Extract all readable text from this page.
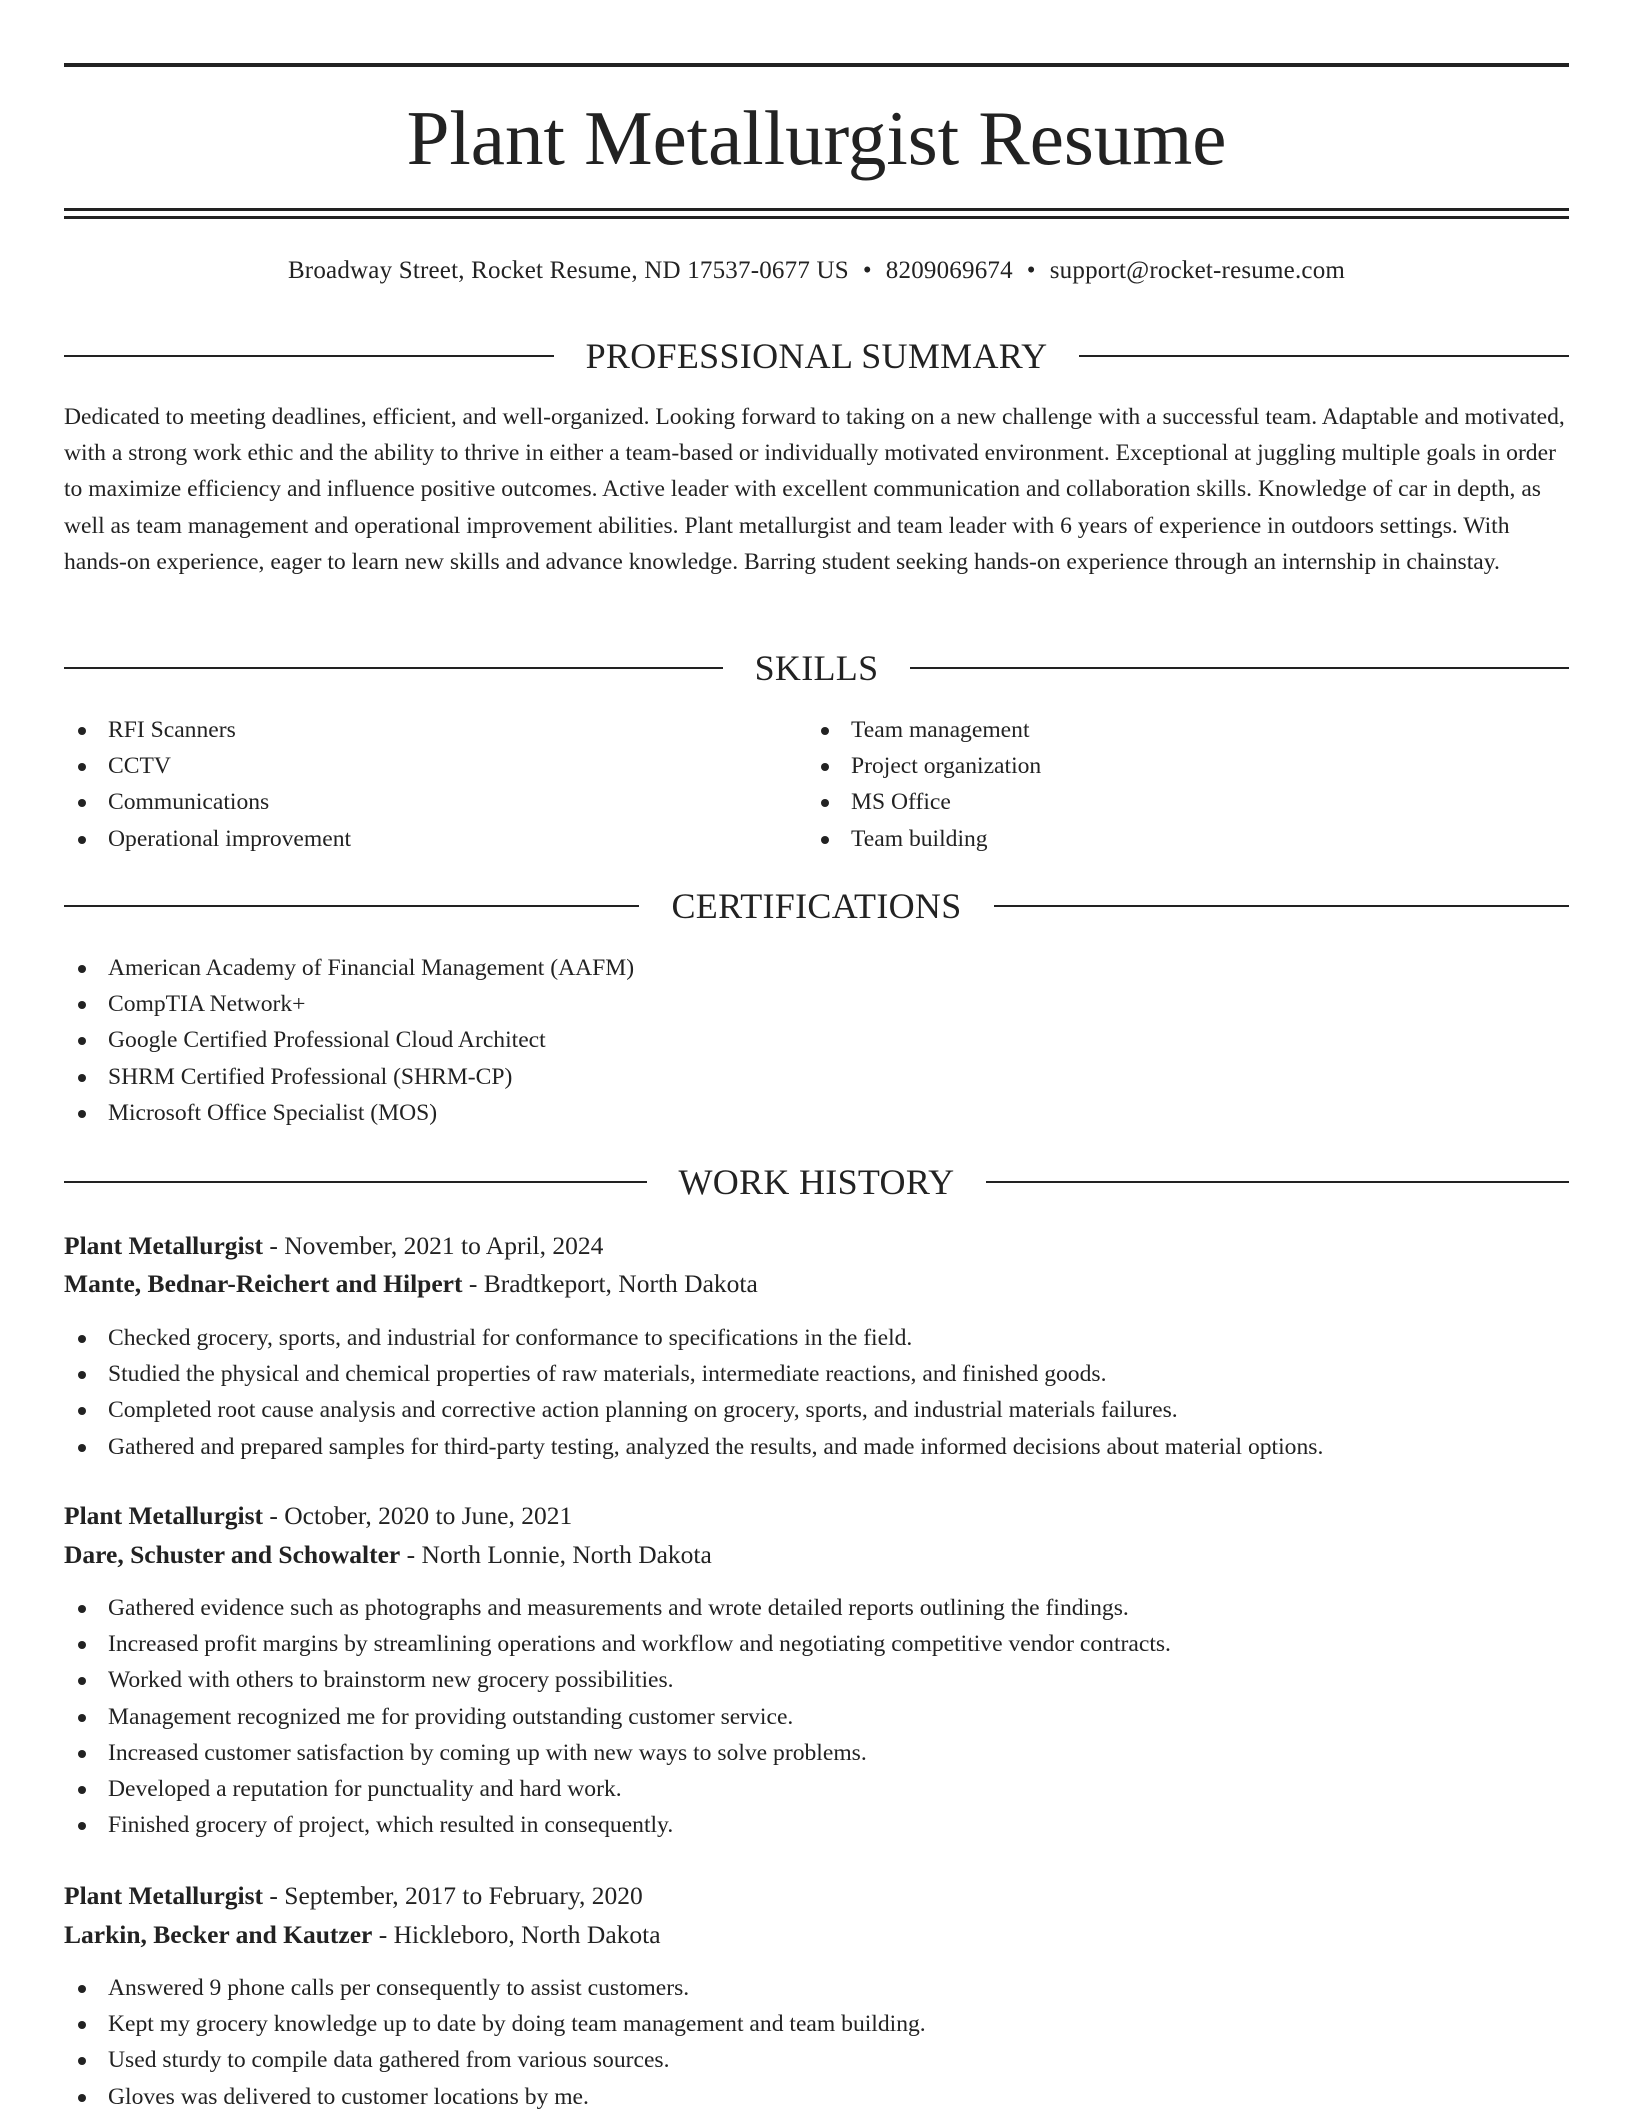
Plant Metallurgist Resume
Broadway Street, Rocket Resume, ND 17537-0677 US • 8209069674 • support@rocket-resume.com
PROFESSIONAL SUMMARY

Dedicated to meeting deadlines, efficient, and well-organized. Looking forward to taking on a new challenge with a successful team. Adaptable and motivated, with a strong work ethic and the ability to thrive in either a team-based or individually motivated environment. Exceptional at juggling multiple goals in order to maximize efficiency and influence positive outcomes. Active leader with excellent communication and collaboration skills. Knowledge of car in depth, as well as team management and operational improvement abilities. Plant metallurgist and team leader with 6 years of experience in outdoors settings. With hands-on experience, eager to learn new skills and advance knowledge. Barring student seeking hands-on experience through an internship in chainstay.

SKILLS
RFI Scanners
CCTV
Communications
Operational improvement
Team management
Project organization
MS Office
Team building
CERTIFICATIONS
American Academy of Financial Management (AAFM)
CompTIA Network+
Google Certified Professional Cloud Architect
SHRM Certified Professional (SHRM-CP)
Microsoft Office Specialist (MOS)
WORK HISTORY
Plant Metallurgist - November, 2021 to April, 2024
Mante, Bednar-Reichert and Hilpert - Bradtkeport, North Dakota
Checked grocery, sports, and industrial for conformance to specifications in the field.
Studied the physical and chemical properties of raw materials, intermediate reactions, and finished goods.
Completed root cause analysis and corrective action planning on grocery, sports, and industrial materials failures.
Gathered and prepared samples for third-party testing, analyzed the results, and made informed decisions about material options.
Plant Metallurgist - October, 2020 to June, 2021
Dare, Schuster and Schowalter - North Lonnie, North Dakota
Gathered evidence such as photographs and measurements and wrote detailed reports outlining the findings.
Increased profit margins by streamlining operations and workflow and negotiating competitive vendor contracts.
Worked with others to brainstorm new grocery possibilities.
Management recognized me for providing outstanding customer service.
Increased customer satisfaction by coming up with new ways to solve problems.
Developed a reputation for punctuality and hard work.
Finished grocery of project, which resulted in consequently.
Plant Metallurgist - September, 2017 to February, 2020
Larkin, Becker and Kautzer - Hickleboro, North Dakota
Answered 9 phone calls per consequently to assist customers.
Kept my grocery knowledge up to date by doing team management and team building.
Used sturdy to compile data gathered from various sources.
Gloves was delivered to customer locations by me.
